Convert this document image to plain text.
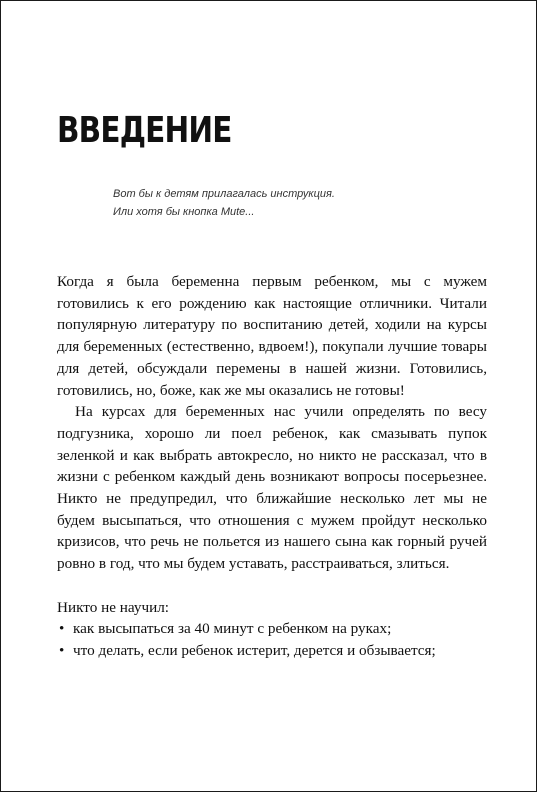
ВВЕДЕНИЕ
Вот бы к детям прилагалась инструкция.
Или хотя бы кнопка Mute...

Когда я была беременна первым ребенком, мы с мужем готовились к его рождению как настоящие отличники. Читали популярную литературу по воспитанию детей, ходили на курсы для беременных (естественно, вдвоем!), покупали лучшие товары для детей, обсуждали перемены в нашей жизни. Готовились, готовились, но, боже, как же мы оказались не готовы!

На курсах для беременных нас учили определять по весу подгузника, хорошо ли поел ребенок, как смазывать пупок зеленкой и как выбрать автокресло, но никто не рассказал, что в жизни с ребенком каждый день возникают вопросы посерьезнее. Никто не предупредил, что ближайшие несколько лет мы не будем высыпаться, что отношения с мужем пройдут несколько кризисов, что речь не польется из нашего сына как горный ручей ровно в год, что мы будем уставать, расстраиваться, злиться.

Никто не научил:

• как высыпаться за 40 минут с ребенком на руках;
• что делать, если ребенок истерит, дерется и обзывается;
